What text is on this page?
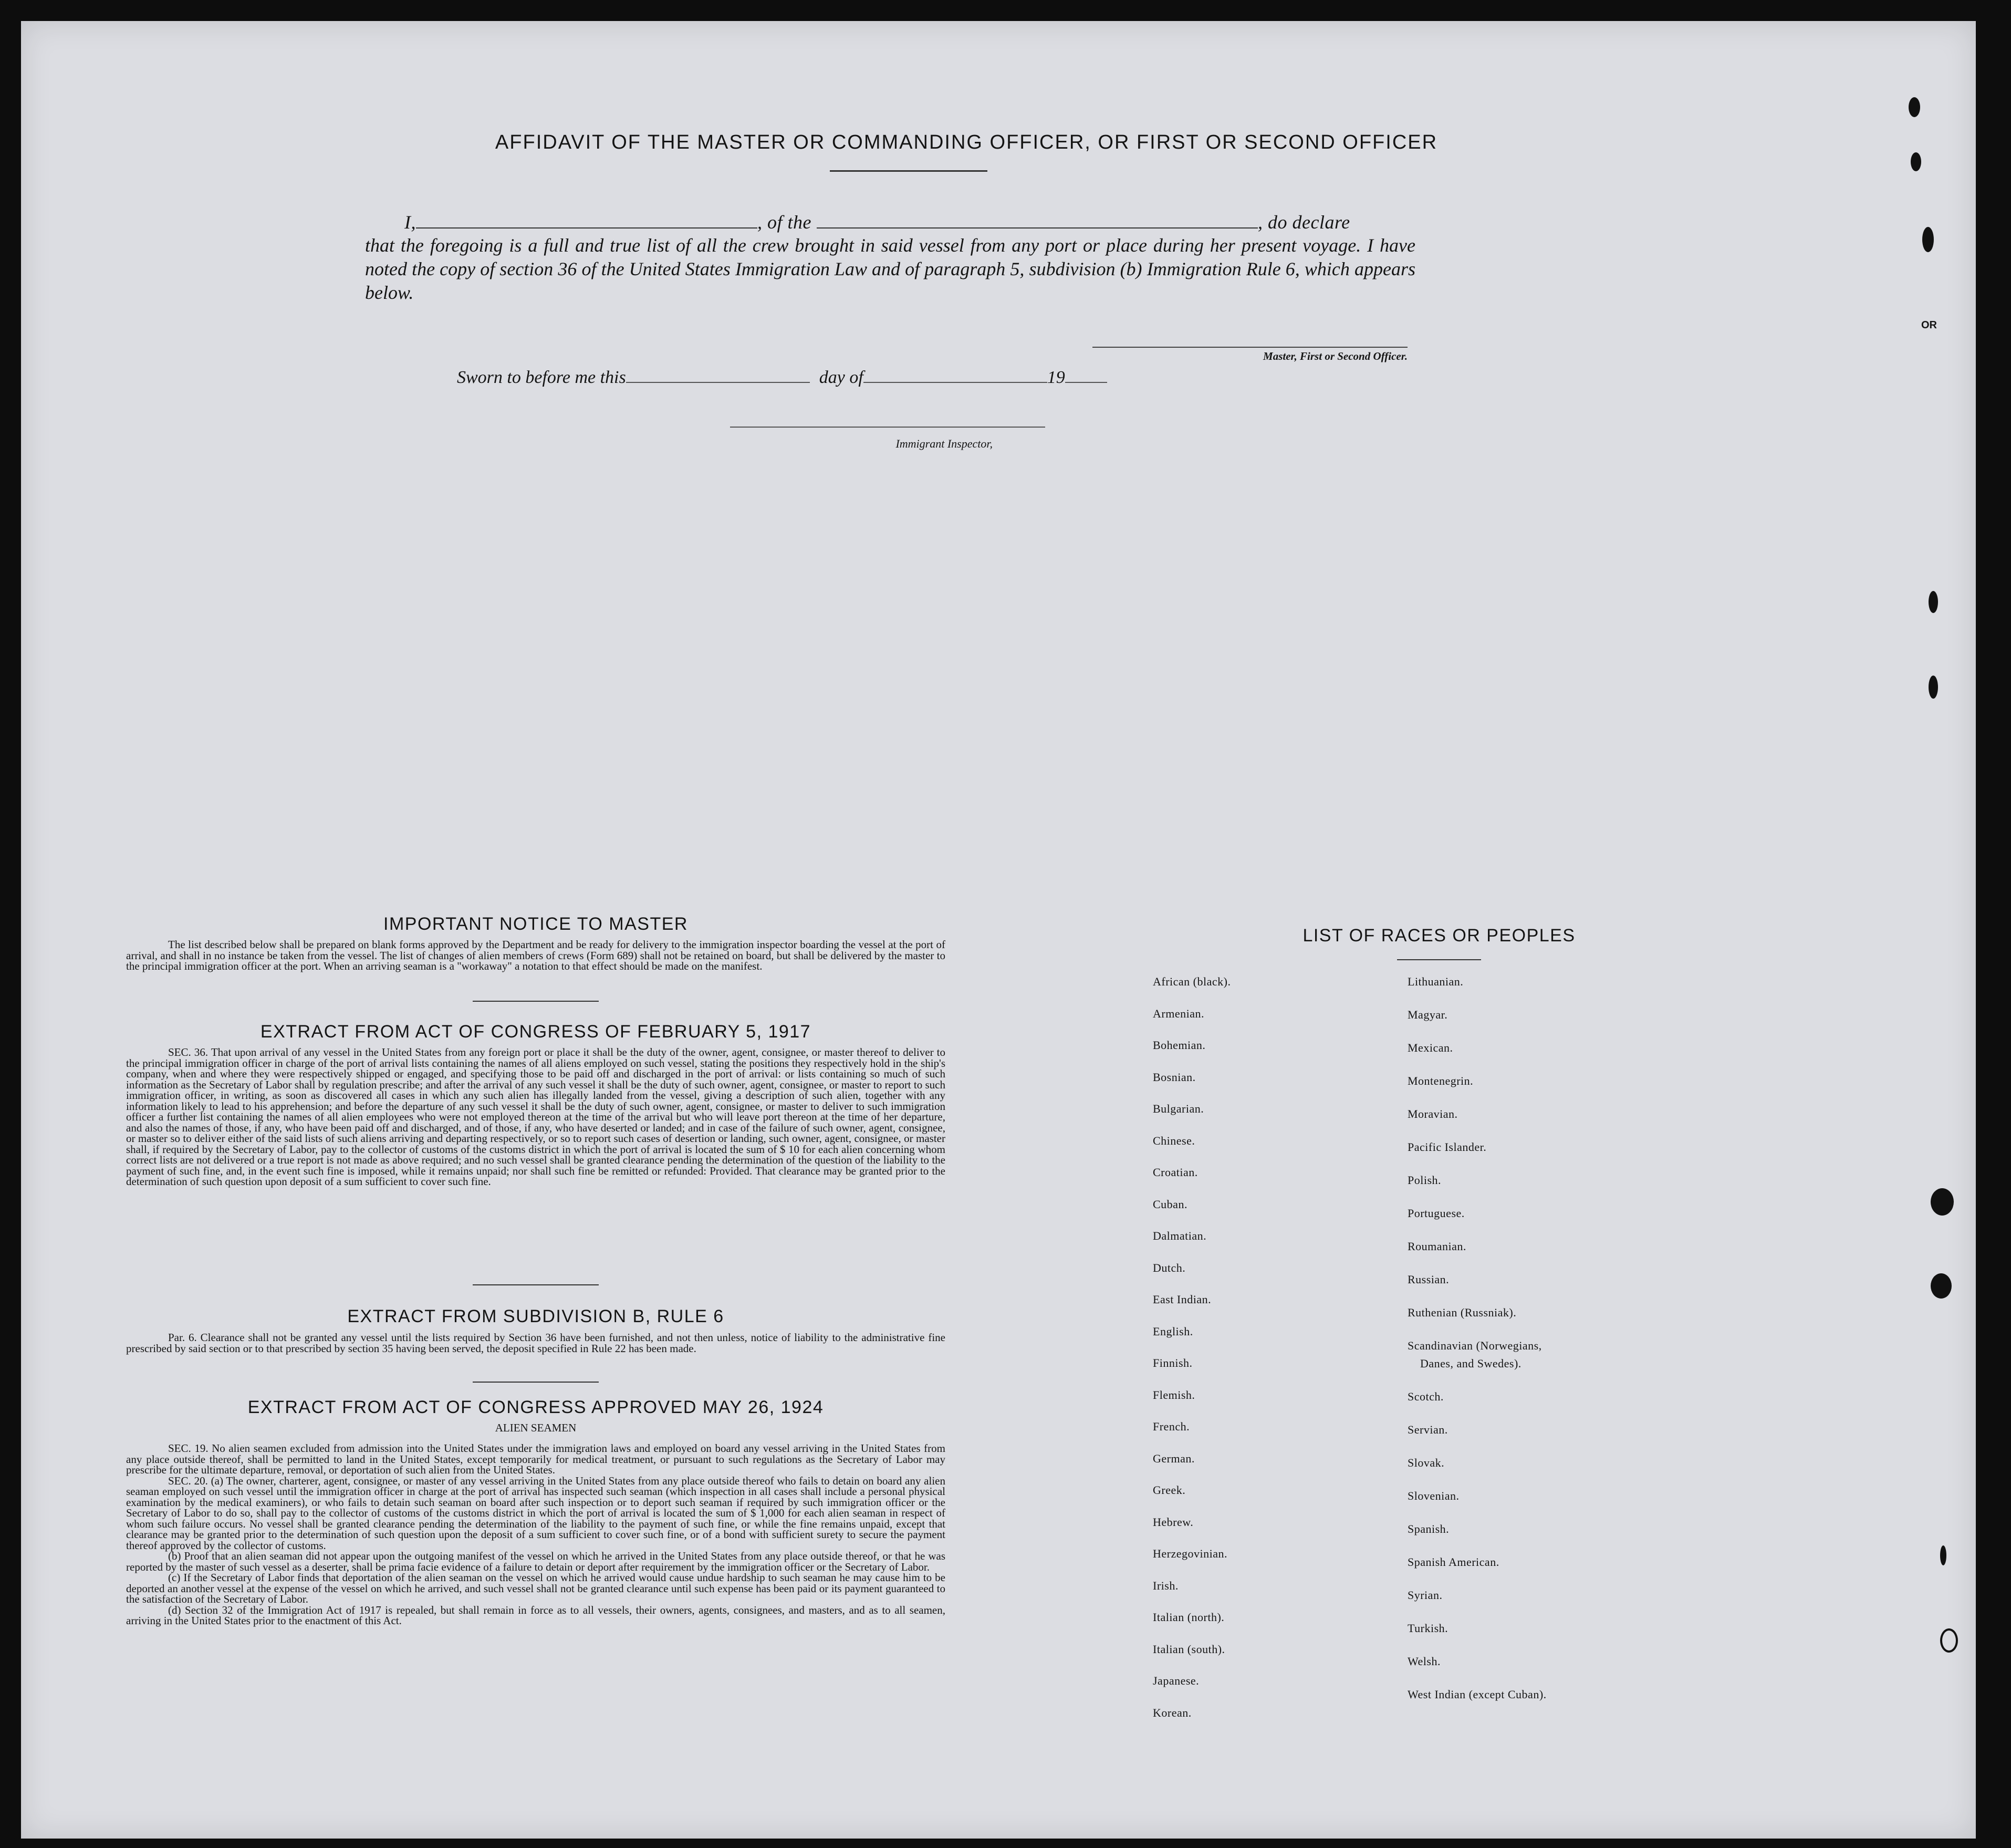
AFFIDAVIT OF THE MASTER OR COMMANDING OFFICER, OR FIRST OR SECOND OFFICER
I,	, of the	, do declare
that the foregoing is a full and true list of all the crew brought in said vessel from any port or place during her present voyage. I have noted the copy of section 36 of the United States Immigration Law and of paragraph 5, subdivision (b) Immigration Rule 6, which appears below.
Master, First or Second Officer.
Sworn to before me this	day of	19
Immigrant Inspector,
IMPORTANT NOTICE TO MASTER
The list described below shall be prepared on blank forms approved by the Department and be ready for delivery to the immigration inspector boarding the vessel at the port of arrival, and shall in no instance be taken from the vessel. The list of changes of alien members of crews (Form 689) shall not be retained on board, but shall be delivered by the master to the principal immigration officer at the port. When an arriving seaman is a "workaway" a notation to that effect should be made on the manifest.
EXTRACT FROM ACT OF CONGRESS OF FEBRUARY 5, 1917
SEC. 36. That upon arrival of any vessel in the United States from any foreign port or place it shall be the duty of the owner, agent, consignee, or master thereof to deliver to the principal immigration officer in charge of the port of arrival lists containing the names of all aliens employed on such vessel, stating the positions they respectively hold in the ship's company, when and where they were respectively shipped or engaged, and specifying those to be paid off and discharged in the port of arrival: or lists containing so much of such information as the Secretary of Labor shall by regulation prescribe; and after the arrival of any such vessel it shall be the duty of such owner, agent, consignee, or master to report to such immigration officer, in writing, as soon as discovered all cases in which any such alien has illegally landed from the vessel, giving a description of such alien, together with any information likely to lead to his apprehension; and before the departure of any such vessel it shall be the duty of such owner, agent, consignee, or master to deliver to such immigration officer a further list containing the names of all alien employees who were not employed thereon at the time of the arrival but who will leave port thereon at the time of her departure, and also the names of those, if any, who have been paid off and discharged, and of those, if any, who have deserted or landed; and in case of the failure of such owner, agent, consignee, or master so to deliver either of the said lists of such aliens arriving and departing respectively, or so to report such cases of desertion or landing, such owner, agent, consignee, or master shall, if required by the Secretary of Labor, pay to the collector of customs of the customs district in which the port of arrival is located the sum of $ 10 for each alien concerning whom correct lists are not delivered or a true report is not made as above required; and no such vessel shall be granted clearance pending the determination of the question of the liability to the payment of such fine, and, in the event such fine is imposed, while it remains unpaid; nor shall such fine be remitted or refunded: Provided. That clearance may be granted prior to the determination of such question upon deposit of a sum sufficient to cover such fine.
EXTRACT FROM SUBDIVISION B, RULE 6
Par. 6. Clearance shall not be granted any vessel until the lists required by Section 36 have been furnished, and not then unless, notice of liability to the administrative fine prescribed by said section or to that prescribed by section 35 having been served, the deposit specified in Rule 22 has been made.
EXTRACT FROM ACT OF CONGRESS APPROVED MAY 26, 1924
ALIEN SEAMEN

SEC. 19. No alien seamen excluded from admission into the United States under the immigration laws and employed on board any vessel arriving in the United States from any place outside thereof, shall be permitted to land in the United States, except temporarily for medical treatment, or pursuant to such regulations as the Secretary of Labor may prescribe for the ultimate departure, removal, or deportation of such alien from the United States.

SEC. 20. (a) The owner, charterer, agent, consignee, or master of any vessel arriving in the United States from any place outside thereof who fails to detain on board any alien seaman employed on such vessel until the immigration officer in charge at the port of arrival has inspected such seaman (which inspection in all cases shall include a personal physical examination by the medical examiners), or who fails to detain such seaman on board after such inspection or to deport such seaman if required by such immigration officer or the Secretary of Labor to do so, shall pay to the collector of customs of the customs district in which the port of arrival is located the sum of $ 1,000 for each alien seaman in respect of whom such failure occurs. No vessel shall be granted clearance pending the determination of the liability to the payment of such fine, or while the fine remains unpaid, except that clearance may be granted prior to the determination of such question upon the deposit of a sum sufficient to cover such fine, or of a bond with sufficient surety to secure the payment thereof approved by the collector of customs.

(b) Proof that an alien seaman did not appear upon the outgoing manifest of the vessel on which he arrived in the United States from any place outside thereof, or that he was reported by the master of such vessel as a deserter, shall be prima facie evidence of a failure to detain or deport after requirement by the immigration officer or the Secretary of Labor.

(c) If the Secretary of Labor finds that deportation of the alien seaman on the vessel on which he arrived would cause undue hardship to such seaman he may cause him to be deported an another vessel at the expense of the vessel on which he arrived, and such vessel shall not be granted clearance until such expense has been paid or its payment guaranteed to the satisfaction of the Secretary of Labor.

(d) Section 32 of the Immigration Act of 1917 is repealed, but shall remain in force as to all vessels, their owners, agents, consignees, and masters, and as to all seamen, arriving in the United States prior to the enactment of this Act.

LIST OF RACES OR PEOPLES
African (black).
Armenian.
Bohemian.
Bosnian.
Bulgarian.
Chinese.
Croatian.
Cuban.
Dalmatian.
Dutch.
East Indian.
English.
Finnish.
Flemish.
French.
German.
Greek.
Hebrew.
Herzegovinian.
Irish.
Italian (north).
Italian (south).
Japanese.
Korean.
Lithuanian.
Magyar.
Mexican.
Montenegrin.
Moravian.
Pacific Islander.
Polish.
Portuguese.
Roumanian.
Russian.
Ruthenian (Russniak).
Scandinavian (Norwegians,
Danes, and Swedes).
Scotch.
Servian.
Slovak.
Slovenian.
Spanish.
Spanish American.
Syrian.
Turkish.
Welsh.
West Indian (except Cuban).
OR
